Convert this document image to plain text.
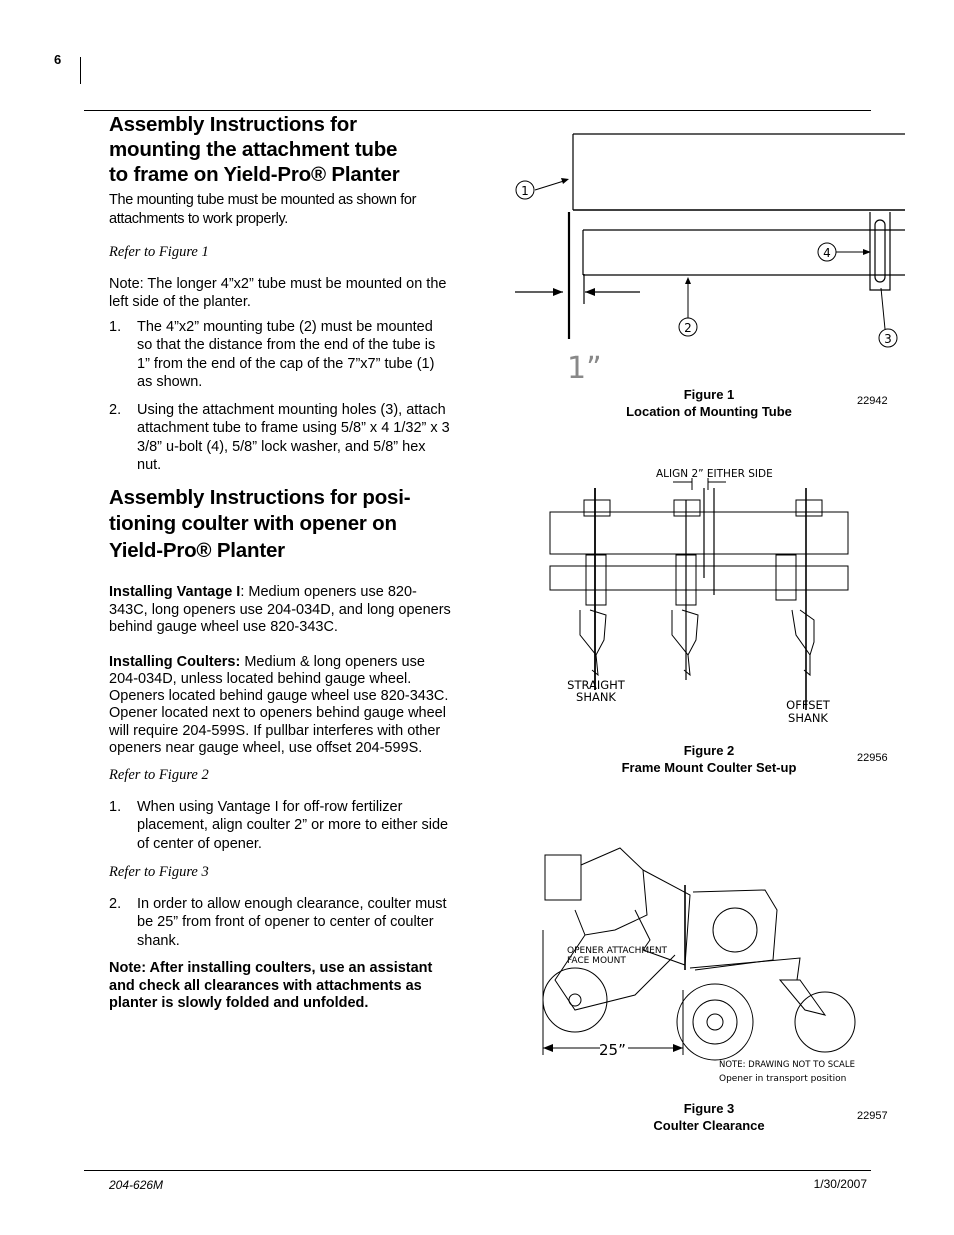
6
204-626M	1/30/2007
Assembly Instructions for
mounting the attachment tube
to frame on Yield-Pro® Planter

The mounting tube must be mounted as shown for attachments to work properly.

Refer to Figure 1

Note: The longer 4”x2” tube must be mounted on the left side of the planter.

1.	The 4”x2” mounting tube (2) must be mounted so that the distance from the end of the tube is 1” from the end of the cap of the 7”x7” tube (1) as shown.
2.	Using the attachment mounting holes (3), attach attachment tube to frame using 5/8” x 4 1/32” x 3 3/8” u-bolt (4), 5/8” lock washer, and 5/8” hex nut.
Assembly Instructions for posi-
tioning coulter with opener on
Yield-Pro® Planter

Installing Vantage I: Medium openers use 820-343C, long openers use 204-034D, and long openers behind gauge wheel use 820-343C.

Installing Coulters: Medium & long openers use 204-034D, unless located behind gauge wheel. Openers located behind gauge wheel use 820-343C. Opener located next to openers behind gauge wheel will require 204-599S. If pullbar interferes with other openers near gauge wheel, use offset 204-599S.

Refer to Figure 2

1.	When using Vantage I for off-row fertilizer placement, align coulter 2” or more to either side of center of opener.

Refer to Figure 3

2.	In order to allow enough clearance, coulter must be 25” from front of opener to center of coulter shank.

Note: After installing coulters, use an assistant and check all clearances with attachments as planter is slowly folded and unfolded.

1
2
3
4
1”
Figure 1
Location of Mounting Tube
22942
ALIGN 2” EITHER SIDE
STRAIGHT
SHANK
OFFSET
SHANK
Figure 2
Frame Mount Coulter Set-up
22956
OPENER ATTACHMENT
FACE MOUNT
25”
NOTE: DRAWING NOT TO SCALE
Opener in transport position
Figure 3
Coulter Clearance
22957
